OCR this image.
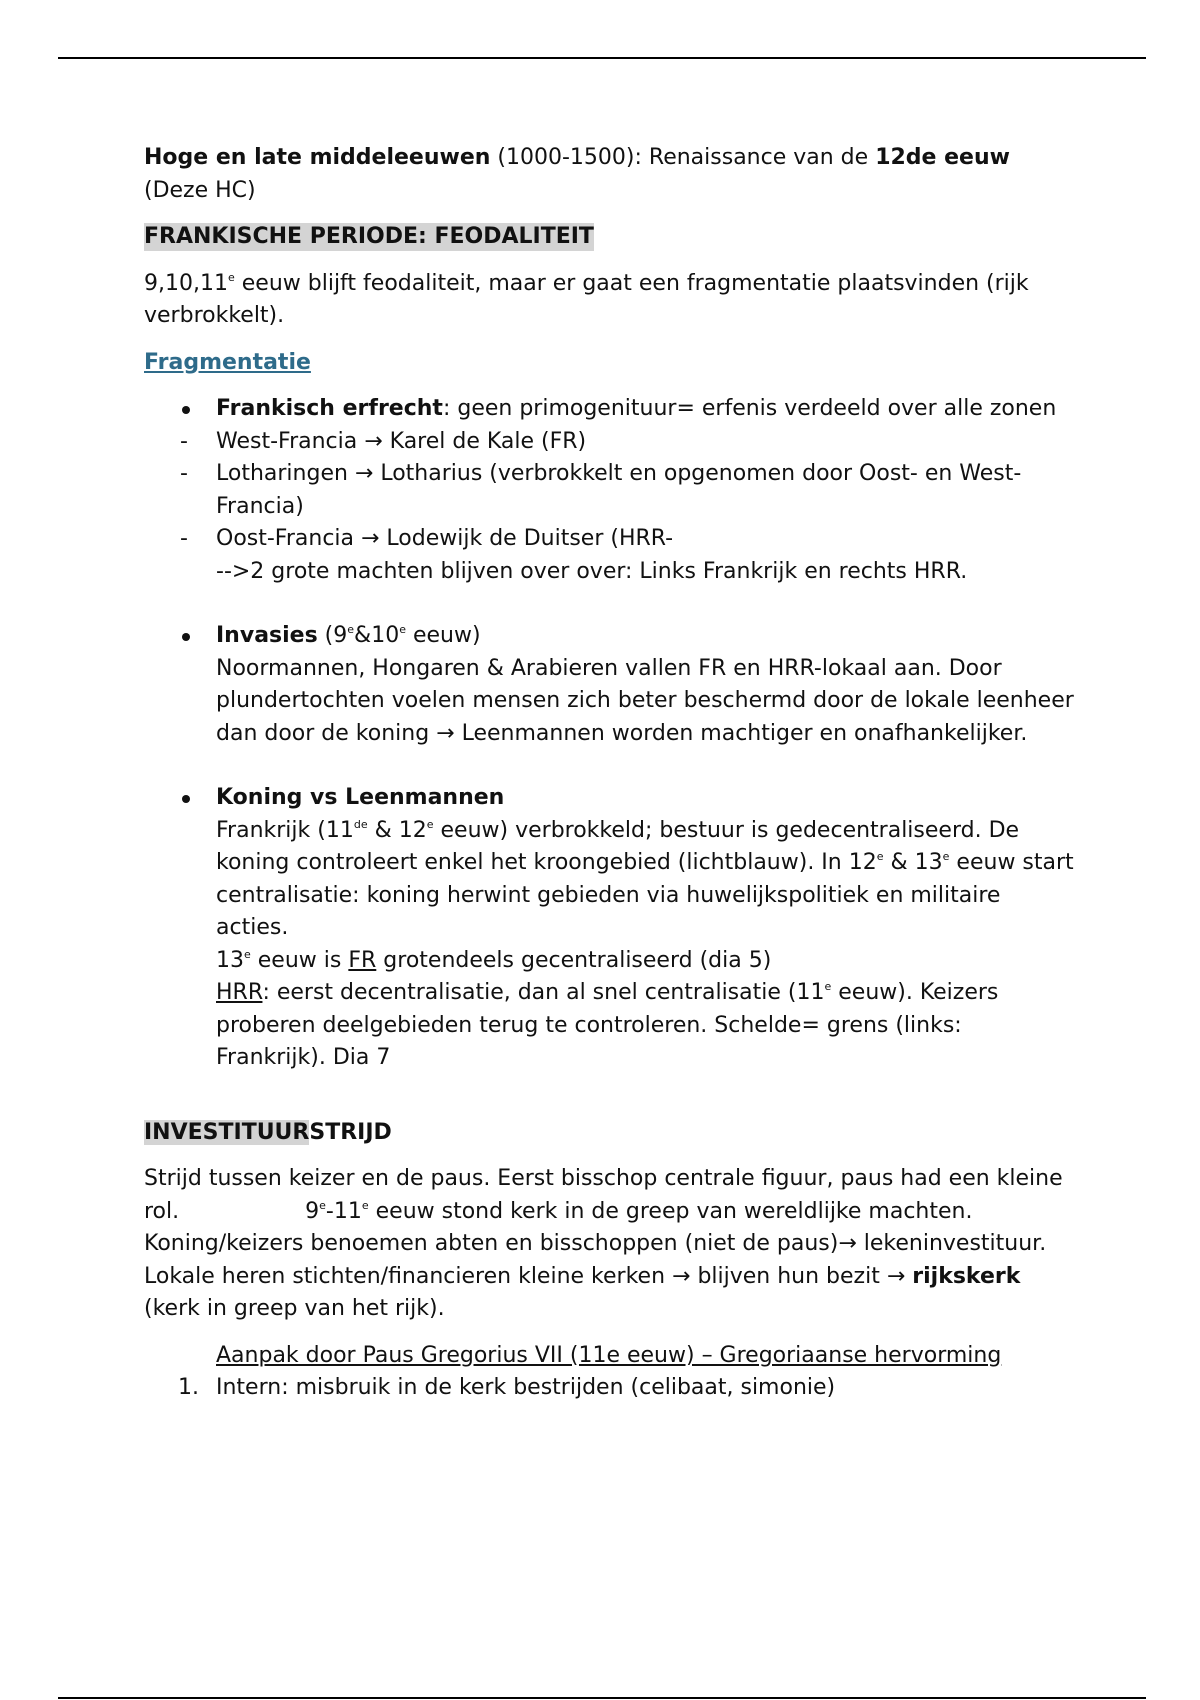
Hoge en late middeleeuwen (1000-1500): Renaissance van de 12de eeuw (Deze HC)

FRANKISCHE PERIODE: FEODALITEIT

9,10,11e eeuw blijft feodaliteit, maar er gaat een fragmentatie plaatsvinden (rijk verbrokkelt).

Fragmentatie

Frankisch erfrecht: geen primogenituur= erfenis verdeeld over alle zonen
- West-Francia → Karel de Kale (FR)
- Lotharingen → Lotharius (verbrokkelt en opgenomen door Oost- en West-Francia)
- Oost-Francia → Lodewijk de Duitser (HRR-
-->2 grote machten blijven over over: Links Frankrijk en rechts HRR.
Invasies (9e&10e eeuw)
Noormannen, Hongaren & Arabieren vallen FR en HRR-lokaal aan. Door plundertochten voelen mensen zich beter beschermd door de lokale leenheer dan door de koning → Leenmannen worden machtiger en onafhankelijker.
Koning vs Leenmannen
Frankrijk (11de & 12e eeuw) verbrokkeld; bestuur is gedecentraliseerd. De koning controleert enkel het kroongebied (lichtblauw). In 12e & 13e eeuw start centralisatie: koning herwint gebieden via huwelijkspolitiek en militaire acties.
13e eeuw is FR grotendeels gecentraliseerd (dia 5)
HRR: eerst decentralisatie, dan al snel centralisatie (11e eeuw). Keizers proberen deelgebieden terug te controleren. Schelde= grens (links: Frankrijk). Dia 7

INVESTITUURSTRIJD

Strijd tussen keizer en de paus. Eerst bisschop centrale figuur, paus had een kleine rol.	9e-11e eeuw stond kerk in de greep van wereldlijke machten. Koning/keizers benoemen abten en bisschoppen (niet de paus)→ lekeninvestituur. Lokale heren stichten/financieren kleine kerken → blijven hun bezit → rijkskerk (kerk in greep van het rijk).

Aanpak door Paus Gregorius VII (11e eeuw) – Gregoriaanse hervorming

1. Intern: misbruik in de kerk bestrijden (celibaat, simonie)
